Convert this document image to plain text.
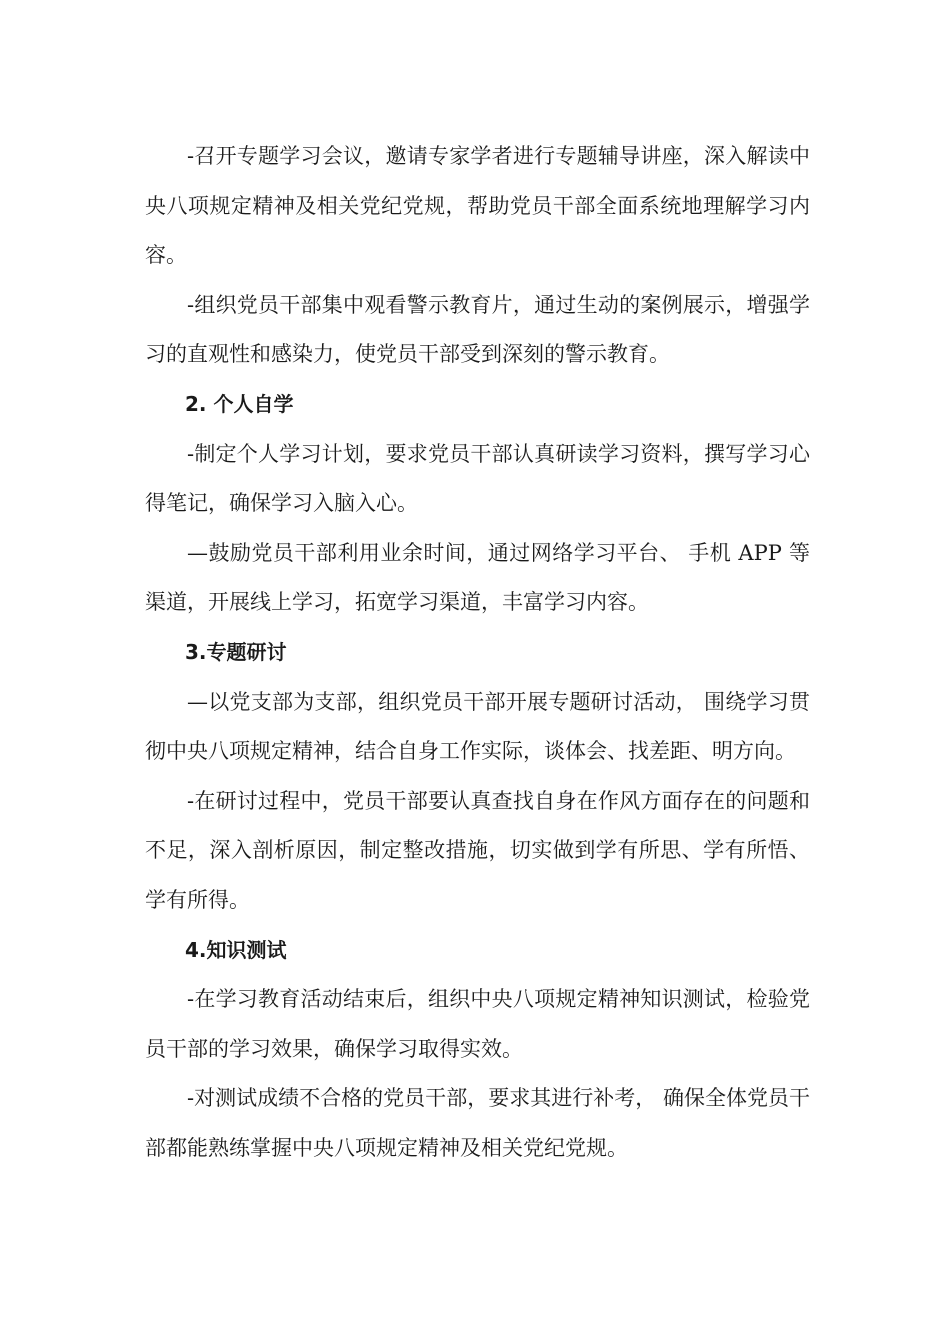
-召开专题学习会议，邀请专家学者进行专题辅导讲座，深入解读中央八项规定精神及相关党纪党规，帮助党员干部全面系统地理解学习内容。

-组织党员干部集中观看警示教育片，通过生动的案例展示，增强学习的直观性和感染力，使党员干部受到深刻的警示教育。

2. 个人自学

-制定个人学习计划，要求党员干部认真研读学习资料，撰写学习心得笔记，确保学习入脑入心。

—鼓励党员干部利用业余时间，通过网络学习平台、 手机 APP 等渠道，开展线上学习，拓宽学习渠道，丰富学习内容。

3.专题研讨

—以党支部为支部，组织党员干部开展专题研讨活动， 围绕学习贯彻中央八项规定精神，结合自身工作实际，谈体会、找差距、明方向。

-在研讨过程中，党员干部要认真查找自身在作风方面存在的问题和不足，深入剖析原因，制定整改措施，切实做到学有所思、学有所悟、学有所得。

4.知识测试

-在学习教育活动结束后，组织中央八项规定精神知识测试，检验党员干部的学习效果，确保学习取得实效。

-对测试成绩不合格的党员干部，要求其进行补考， 确保全体党员干部都能熟练掌握中央八项规定精神及相关党纪党规。
